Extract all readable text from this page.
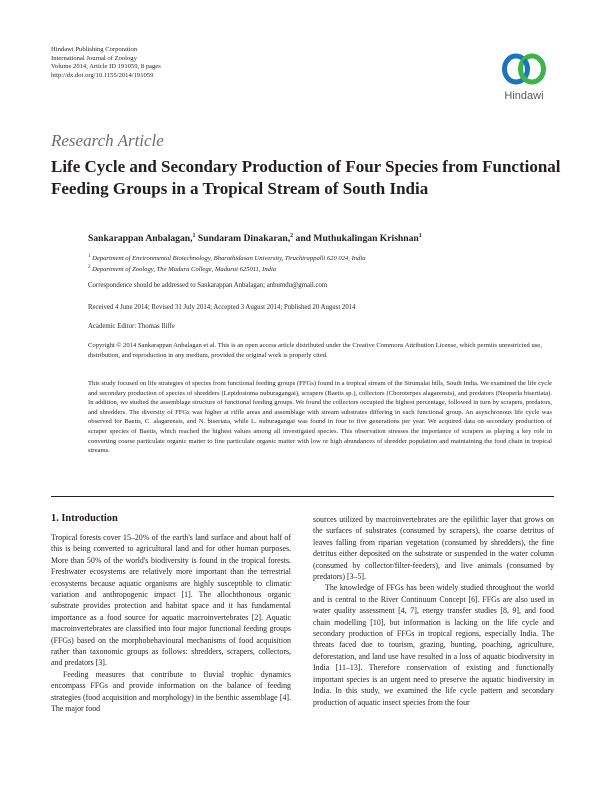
Hindawi Publishing Corporation
International Journal of Zoology
Volume 2014, Article ID 191059, 8 pages
http://dx.doi.org/10.1155/2014/191059
Hindawi
Research Article
Life Cycle and Secondary Production of Four Species from Functional Feeding Groups in a Tropical Stream of South India
Sankarappan Anbalagan,$^1$ Sundaram Dinakaran,$^2$ and Muthukalingan Krishnan$^1$
$^1$ Department of Environmental Biotechnology, Bharathidasan University, Tiruchirappalli 620 024, India
$^2$ Department of Zoology, The Madura College, Madurai 625011, India
Correspondence should be addressed to Sankarappan Anbalagan; anbumdu@gmail.com
Received 4 June 2014; Revised 31 July 2014; Accepted 3 August 2014; Published 20 August 2014
Academic Editor: Thomas Iliffe
Copyright © 2014 Sankarappan Anbalagan et al. This is an open access article distributed under the Creative Commons Attribution License, which permits unrestricted use, distribution, and reproduction in any medium, provided the original work is properly cited.
This study focused on life strategies of species from functional feeding groups (FFGs) found in a tropical stream of the Sirumalai hills, South India. We examined the life cycle and secondary production of species of shredders (Lepidostoma nuburagangai), scrapers (Baetis sp.), collectors (Choroterpes alagarensis), and predators (Neoperla bisertiata). In addition, we studied the assemblage structure of functional feeding groups. We found the collectors occupied the highest percentage, followed in turn by scrapers, predators, and shredders. The diversity of FFGs was higher at riffle areas and assemblage with stream substrates differing in each functional group. An asynchronous life cycle was observed for Baetis, C. alagarensis, and N. biseriata, while L. nuburagangai was found in four to five generations per year. We acquired data on secondary production of scraper species of Baetis, which reached the highest values among all investigated species. This observation stresses the importance of scrapers as playing a key role in converting coarse particulate organic matter to fine particulate organic matter with low or high abundances of shredder population and maintaining the food chain in tropical streams.
1. Introduction

Tropical forests cover 15–20% of the earth's land surface and about half of this is being converted to agricultural land and for other human purposes. More than 50% of the world's biodiversity is found in the tropical forests. Freshwater ecosystems are relatively more important than the terrestrial ecosystems because aquatic organisms are highly susceptible to climatic variation and anthropogenic impact [1]. The allochthonous organic substrate provides protection and habitat space and it has fundamental importance as a food source for aquatic macroinvertebrates [2]. Aquatic macroinvertebrates are classified into four major functional feeding groups (FFGs) based on the morphobehavioural mechanisms of food acquisition rather than taxonomic groups as follows: shredders, scrapers, collectors, and predators [3].

Feeding measures that contribute to fluvial trophic dynamics encompass FFGs and provide information on the balance of feeding strategies (food acquisition and morphology) in the benthic assemblage [4]. The major food

sources utilized by macroinvertebrates are the epilithic layer that grows on the surfaces of substrates (consumed by scrapers), the coarse detritus of leaves falling from riparian vegetation (consumed by shredders), the fine detritus either deposited on the substrate or suspended in the water column (consumed by collector/filter-feeders), and live animals (consumed by predators) [3–5].

The knowledge of FFGs has been widely studied throughout the world and is central to the River Continuum Concept [6]. FFGs are also used in water quality assessment [4, 7], energy transfer studies [8, 9], and food chain modelling [10], but information is lacking on the life cycle and secondary production of FFGs in tropical regions, especially India. The threats faced due to tourism, grazing, hunting, poaching, agriculture, deforestation, and land use have resulted in a loss of aquatic biodiversity in India [11–13]. Therefore conservation of existing and functionally important species is an urgent need to preserve the aquatic biodiversity in India. In this study, we examined the life cycle pattern and secondary production of aquatic insect species from the four
